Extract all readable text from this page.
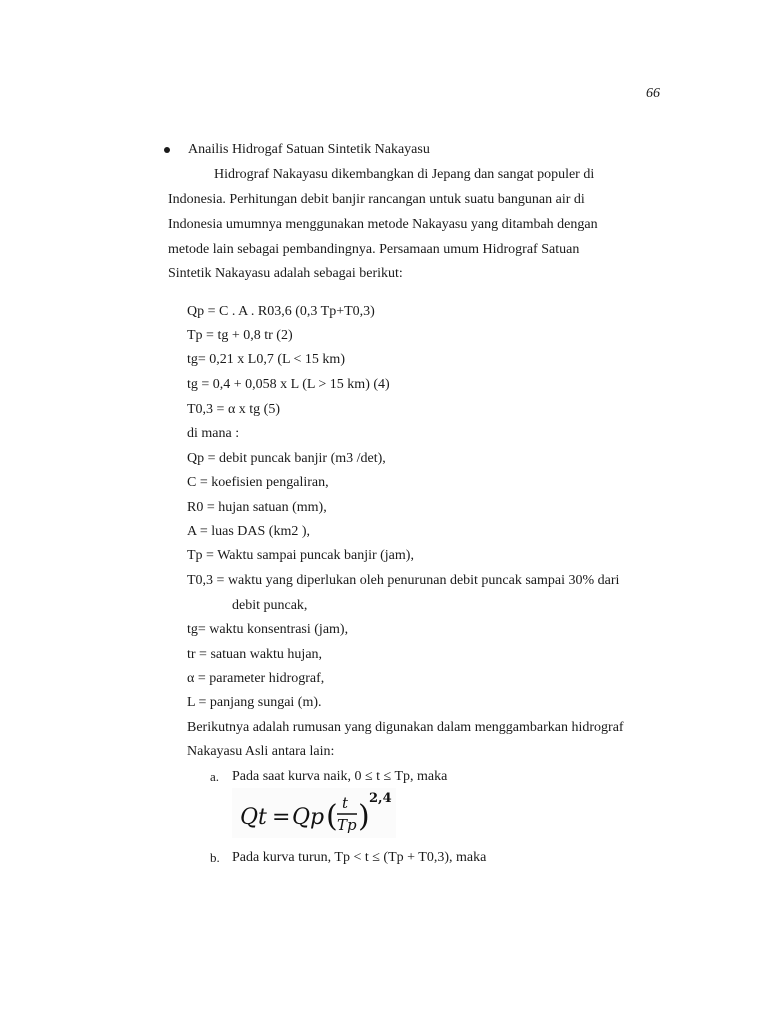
66
Anailis Hidrogaf Satuan Sintetik Nakayasu
Hidrograf Nakayasu dikembangkan di Jepang dan sangat populer di
Indonesia. Perhitungan debit banjir rancangan untuk suatu bangunan air di
Indonesia umumnya menggunakan metode Nakayasu yang ditambah dengan
metode lain sebagai pembandingnya. Persamaan umum Hidrograf Satuan
Sintetik Nakayasu adalah sebagai berikut:
Qp = C . A . R03,6 (0,3 Tp+T0,3)
Tp = tg + 0,8 tr (2)
tg= 0,21 x L0,7 (L < 15 km)
tg = 0,4 + 0,058 x L (L > 15 km) (4)
T0,3 = α x tg (5)
di mana :
Qp = debit puncak banjir (m3 /det),
C = koefisien pengaliran,
R0 = hujan satuan (mm),
A = luas DAS (km2 ),
Tp = Waktu sampai puncak banjir (jam),
T0,3 = waktu yang diperlukan oleh penurunan debit puncak sampai 30% dari
debit puncak,
tg= waktu konsentrasi (jam),
tr = satuan waktu hujan,
α = parameter hidrograf,
L = panjang sungai (m).
Berikutnya adalah rumusan yang digunakan dalam menggambarkan hidrograf
Nakayasu Asli antara lain:
a. Pada saat kurva naik, 0 ≤ t ≤ Tp, maka
Qt = Qp ( t
Tp )
2,4
b. Pada kurva turun, Tp < t ≤ (Tp + T0,3), maka
